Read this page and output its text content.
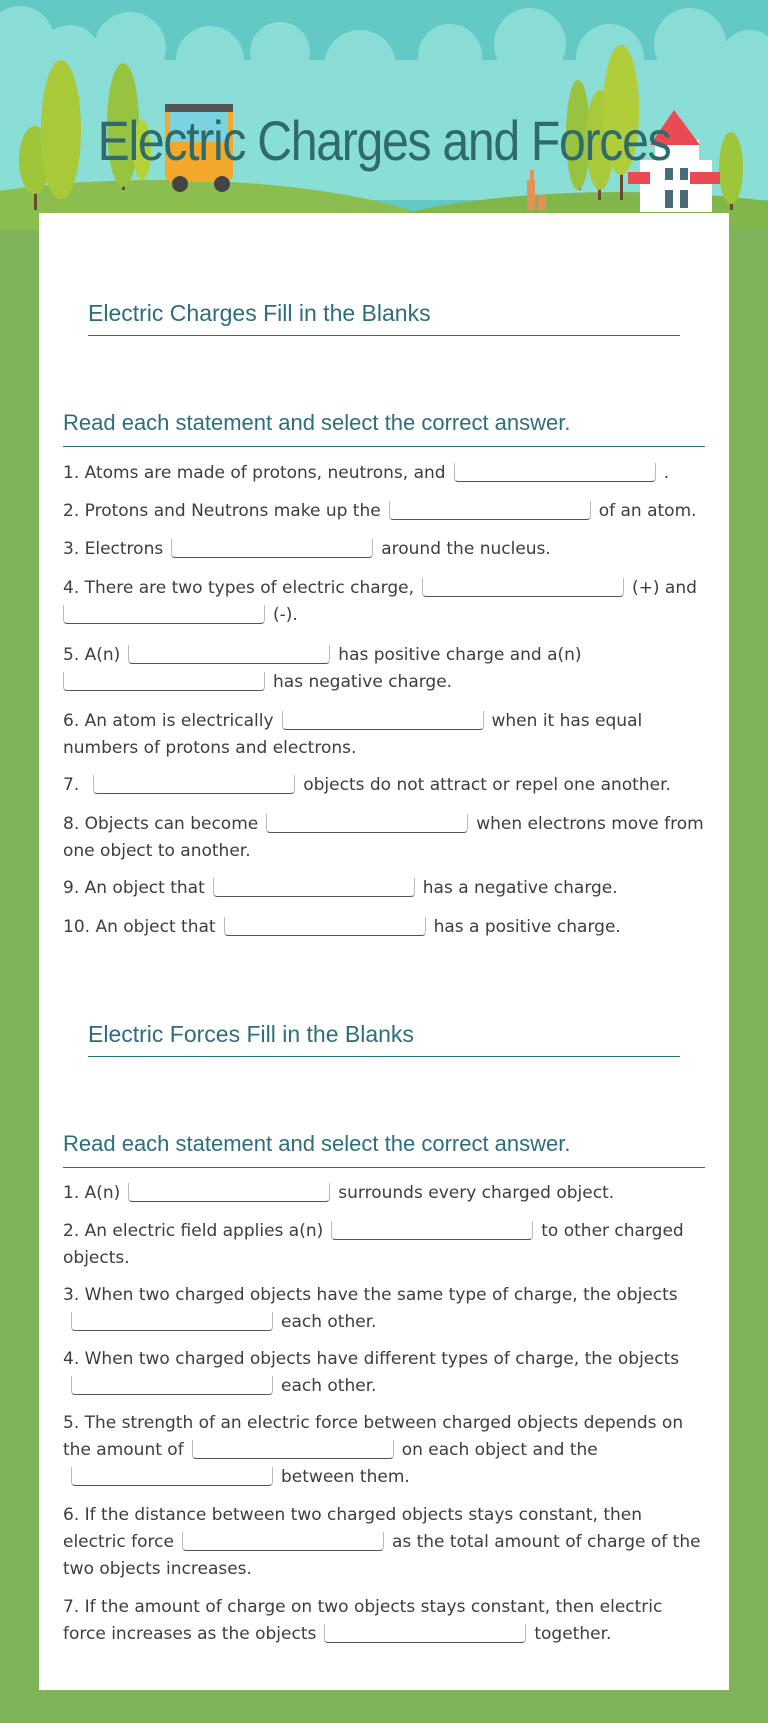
Electric Charges and Forces
Electric Charges Fill in the Blanks
Read each statement and select the correct answer.
1. Atoms are made of protons, neutrons, and	.
2. Protons and Neutrons make up the	of an atom.
3. Electrons	around the nucleus.
4. There are two types of electric charge,	(+) and
(-).
5. A(n)	has positive charge and a(n)
has negative charge.
6. An atom is electrically	when it has equal numbers of protons and electrons.
7.	objects do not attract or repel one another.
8. Objects can become	when electrons move from one object to another.
9. An object that	has a negative charge.
10. An object that	has a positive charge.
Electric Forces Fill in the Blanks
Read each statement and select the correct answer.
1. A(n)	surrounds every charged object.
2. An electric field applies a(n)	to other charged objects.
3. When two charged objects have the same type of charge, the objectseach other.
4. When two charged objects have different types of charge, the objectseach other.
5. The strength of an electric force between charged objects depends on the amount of	on each object and thebetween them.
6. If the distance between two charged objects stays constant, then electric force	as the total amount of charge of the two objects increases.
7. If the amount of charge on two objects stays constant, then electric force increases as the objects	together.
